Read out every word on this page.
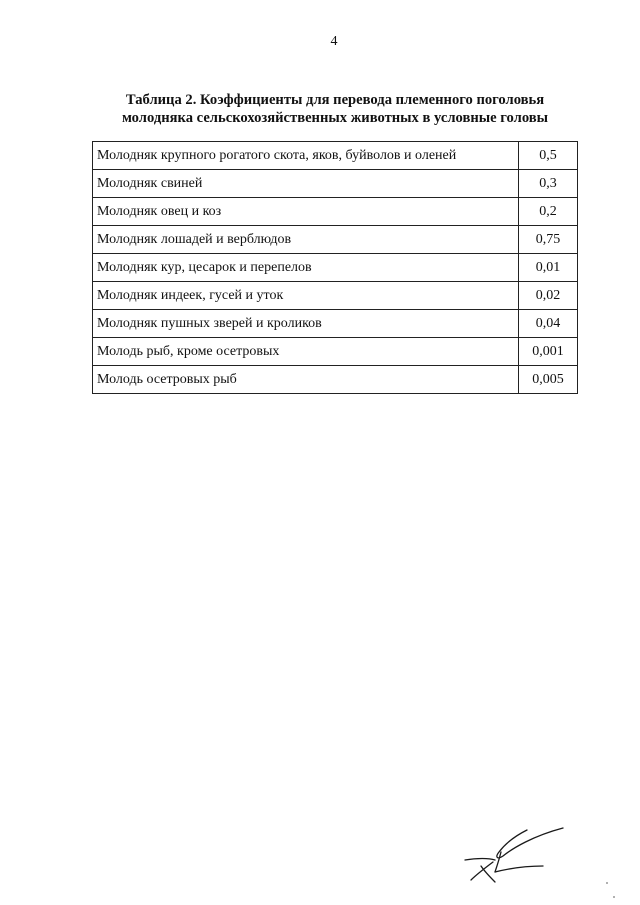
4
Таблица 2. Коэффициенты для перевода племенного поголовья
молодняка сельскохозяйственных животных в условные головы
Молодняк крупного рогатого скота, яков, буйволов и оленей	0,5
Молодняк свиней	0,3
Молодняк овец и коз	0,2
Молодняк лошадей и верблюдов	0,75
Молодняк кур, цесарок и перепелов	0,01
Молодняк индеек, гусей и уток	0,02
Молодняк пушных зверей и кроликов	0,04
Молодь рыб, кроме осетровых	0,001
Молодь осетровых рыб	0,005
